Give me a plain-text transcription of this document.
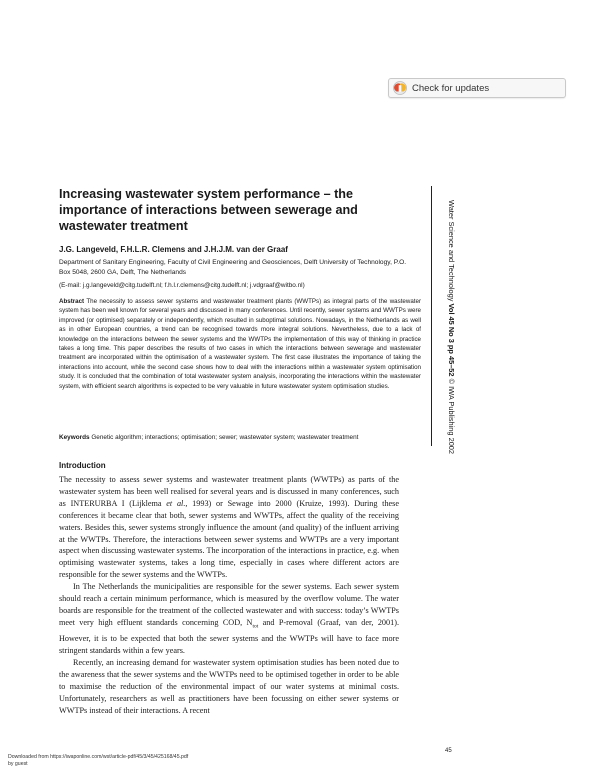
Check for updates
Increasing wastewater system performance – the importance of interactions between sewerage and wastewater treatment	Water Science and Technology Vol 45 No 3 pp 45–52 © IWA Publishing 2002

J.G. Langeveld, F.H.L.R. Clemens and J.H.J.M. van der Graaf

Department of Sanitary Engineering, Faculty of Civil Engineering and Geosciences, Delft University of Technology, P.O. Box 5048, 2600 GA, Delft, The Netherlands

(E-mail: j.g.langeveld@citg.tudelft.nl; f.h.l.r.clemens@citg.tudelft.nl; j.vdgraaf@witbo.nl)

Abstract The necessity to assess sewer systems and wastewater treatment plants (WWTPs) as integral parts of the wastewater system has been well known for several years and discussed in many conferences. Until recently, sewer systems and WWTPs were improved (or optimised) separately or independently, which resulted in suboptimal solutions. Nowadays, in the Netherlands as well as in other European countries, a trend can be recognised towards more integral solutions. Nevertheless, due to a lack of knowledge on the interactions between the sewer systems and the WWTPs the implementation of this way of thinking in practice takes a long time. This paper describes the results of two cases in which the interactions between sewerage and wastewater treatment are incorporated within the optimisation of a wastewater system. The first case illustrates the importance of taking the interactions into account, while the second case shows how to deal with the interactions within a wastewater system optimisation study. It is concluded that the combination of total wastewater system analysis, incorporating the interactions within the wastewater system, with efficient search algorithms is expected to be very valuable in future wastewater system optimisation studies.

Keywords Genetic algorithm; interactions; optimisation; sewer; wastewater system; wastewater treatment

Introduction

The necessity to assess sewer systems and wastewater treatment plants (WWTPs) as parts of the wastewater system has been well realised for several years and is discussed in many conferences, such as INTERURBA I (Lijklema et al., 1993) or Sewage into 2000 (Kruize, 1993). During these conferences it became clear that both, sewer systems and WWTPs, affect the quality of the receiving waters. Besides this, sewer systems strongly influence the amount (and quality) of the influent arriving at the WWTPs. Therefore, the interactions between sewer systems and WWTPs are a very important aspect when discussing wastewater systems. The incorporation of the interactions in practice, e.g. when optimising wastewater systems, takes a long time, especially in cases where different actors are responsible for the sewer systems and the WWTPs.

In The Netherlands the municipalities are responsible for the sewer systems. Each sewer system should reach a certain minimum performance, which is measured by the overflow volume. The water boards are responsible for the treatment of the collected wastewater and with success: today’s WWTPs meet very high effluent standards concerning COD, $N_{tot}$ and P-removal (Graaf, van der, 2001). However, it is to be expected that both the sewer systems and the WWTPs will have to face more stringent standards within a few years.

Recently, an increasing demand for wastewater system optimisation studies has been noted due to the awareness that the sewer systems and the WWTPs need to be optimised together in order to be able to maximise the reduction of the environmental impact of our water systems at minimal costs. Unfortunately, researchers as well as practitioners have been focussing on either sewer systems or WWTPs instead of their interactions. A recent

45

Downloaded from https://iwaponline.com/wst/article-pdf/45/3/45/425168/45.pdf
by guest
